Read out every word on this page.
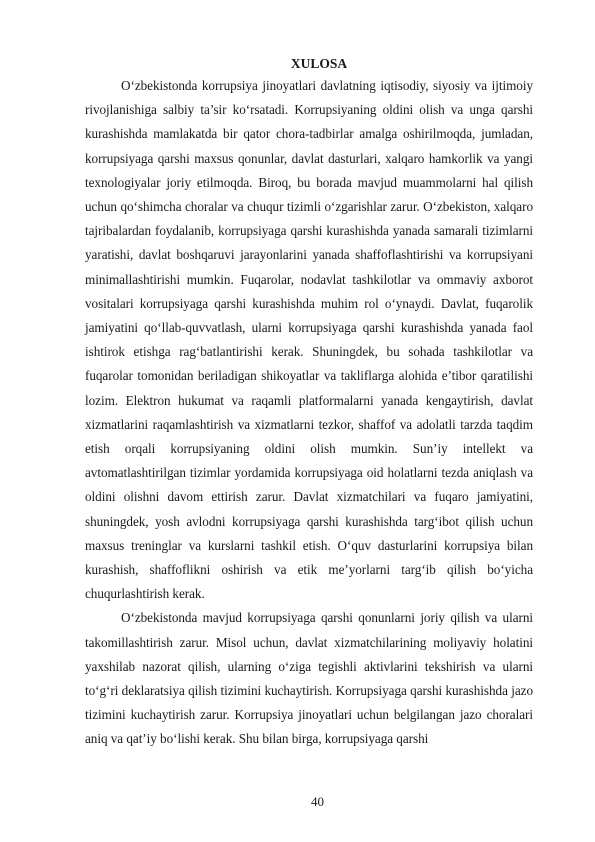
XULOSA

O‘zbekistonda korrupsiya jinoyatlari davlatning iqtisodiy, siyosiy va ijtimoiy rivojlanishiga salbiy ta’sir ko‘rsatadi. Korrupsiyaning oldini olish va unga qarshi kurashishda mamlakatda bir qator chora-tadbirlar amalga oshirilmoqda, jumladan, korrupsiyaga qarshi maxsus qonunlar, davlat dasturlari, xalqaro hamkorlik va yangi texnologiyalar joriy etilmoqda. Biroq, bu borada mavjud muammolarni hal qilish uchun qo‘shimcha choralar va chuqur tizimli o‘zgarishlar zarur. O‘zbekiston, xalqaro tajribalardan foydalanib, korrupsiyaga qarshi kurashishda yanada samarali tizimlarni yaratishi, davlat boshqaruvi jarayonlarini yanada shaffoflashtirishi va korrupsiyani minimallashtirishi mumkin. Fuqarolar, nodavlat tashkilotlar va ommaviy axborot vositalari korrupsiyaga qarshi kurashishda muhim rol o‘ynaydi. Davlat, fuqarolik jamiyatini qo‘llab-quvvatlash, ularni korrupsiyaga qarshi kurashishda yanada faol ishtirok etishga rag‘batlantirishi kerak. Shuningdek, bu sohada tashkilotlar va fuqarolar tomonidan beriladigan shikoyatlar va takliflarga alohida e’tibor qaratilishi lozim. Elektron hukumat va raqamli platformalarni yanada kengaytirish, davlat xizmatlarini raqamlashtirish va xizmatlarni tezkor, shaffof va adolatli tarzda taqdim etish orqali korrupsiyaning oldini olish mumkin. Sun’iy intellekt va avtomatlashtirilgan tizimlar yordamida korrupsiyaga oid holatlarni tezda aniqlash va oldini olishni davom ettirish zarur. Davlat xizmatchilari va fuqaro jamiyatini, shuningdek, yosh avlodni korrupsiyaga qarshi kurashishda targ‘ibot qilish uchun maxsus treninglar va kurslarni tashkil etish. O‘quv dasturlarini korrupsiya bilan kurashish, shaffoflikni oshirish va etik me’yorlarni targ‘ib qilish bo‘yicha chuqurlashtirish kerak.

O‘zbekistonda mavjud korrupsiyaga qarshi qonunlarni joriy qilish va ularni takomillashtirish zarur. Misol uchun, davlat xizmatchilarining moliyaviy holatini yaxshilab nazorat qilish, ularning o‘ziga tegishli aktivlarini tekshirish va ularni to‘g‘ri deklaratsiya qilish tizimini kuchaytirish. Korrupsiyaga qarshi kurashishda jazo tizimini kuchaytirish zarur. Korrupsiya jinoyatlari uchun belgilangan jazo choralari aniq va qat’iy bo‘lishi kerak. Shu bilan birga, korrupsiyaga qarshi

40
